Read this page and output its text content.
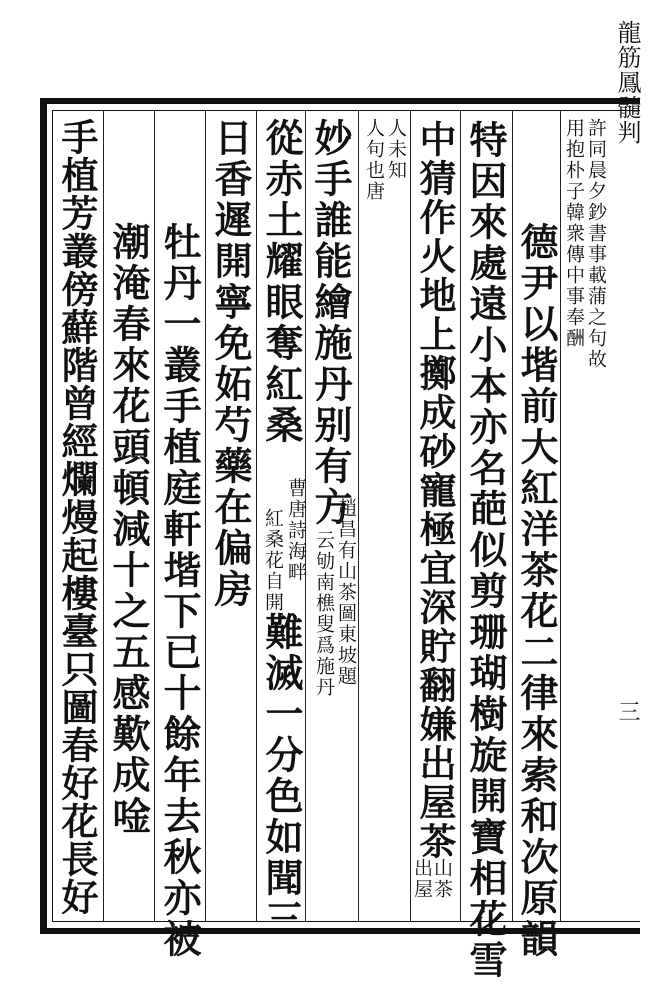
龍筋鳳髓判
三
許同晨夕鈔書事載蒲之句故
用抱朴子韓衆傳中事奉酬
德尹以堦前大紅洋茶花二律來索和次原韻
特因來處遠小本亦名葩似剪珊瑚樹旋開寶相花雪
中猜作火地上擲成砂寵極宜深貯翻嫌出屋茶
山茶
出屋
人未知
人句也唐
妙手誰能繪施丹别有方
趙昌有山茶圖東坡題
云劬南樵叟爲施丹
從赤土耀眼奪紅桑
曹唐詩海畔
紅桑花自開
難滅一分色如聞三
日香遲開寧免妬芍藥在偏房
牡丹一叢手植庭軒堦下已十餘年去秋亦被
潮淹春來花頭頓減十之五感歎成唫
手植芳叢傍蘚階曾經爛熳起樓臺只圖春好花長好
